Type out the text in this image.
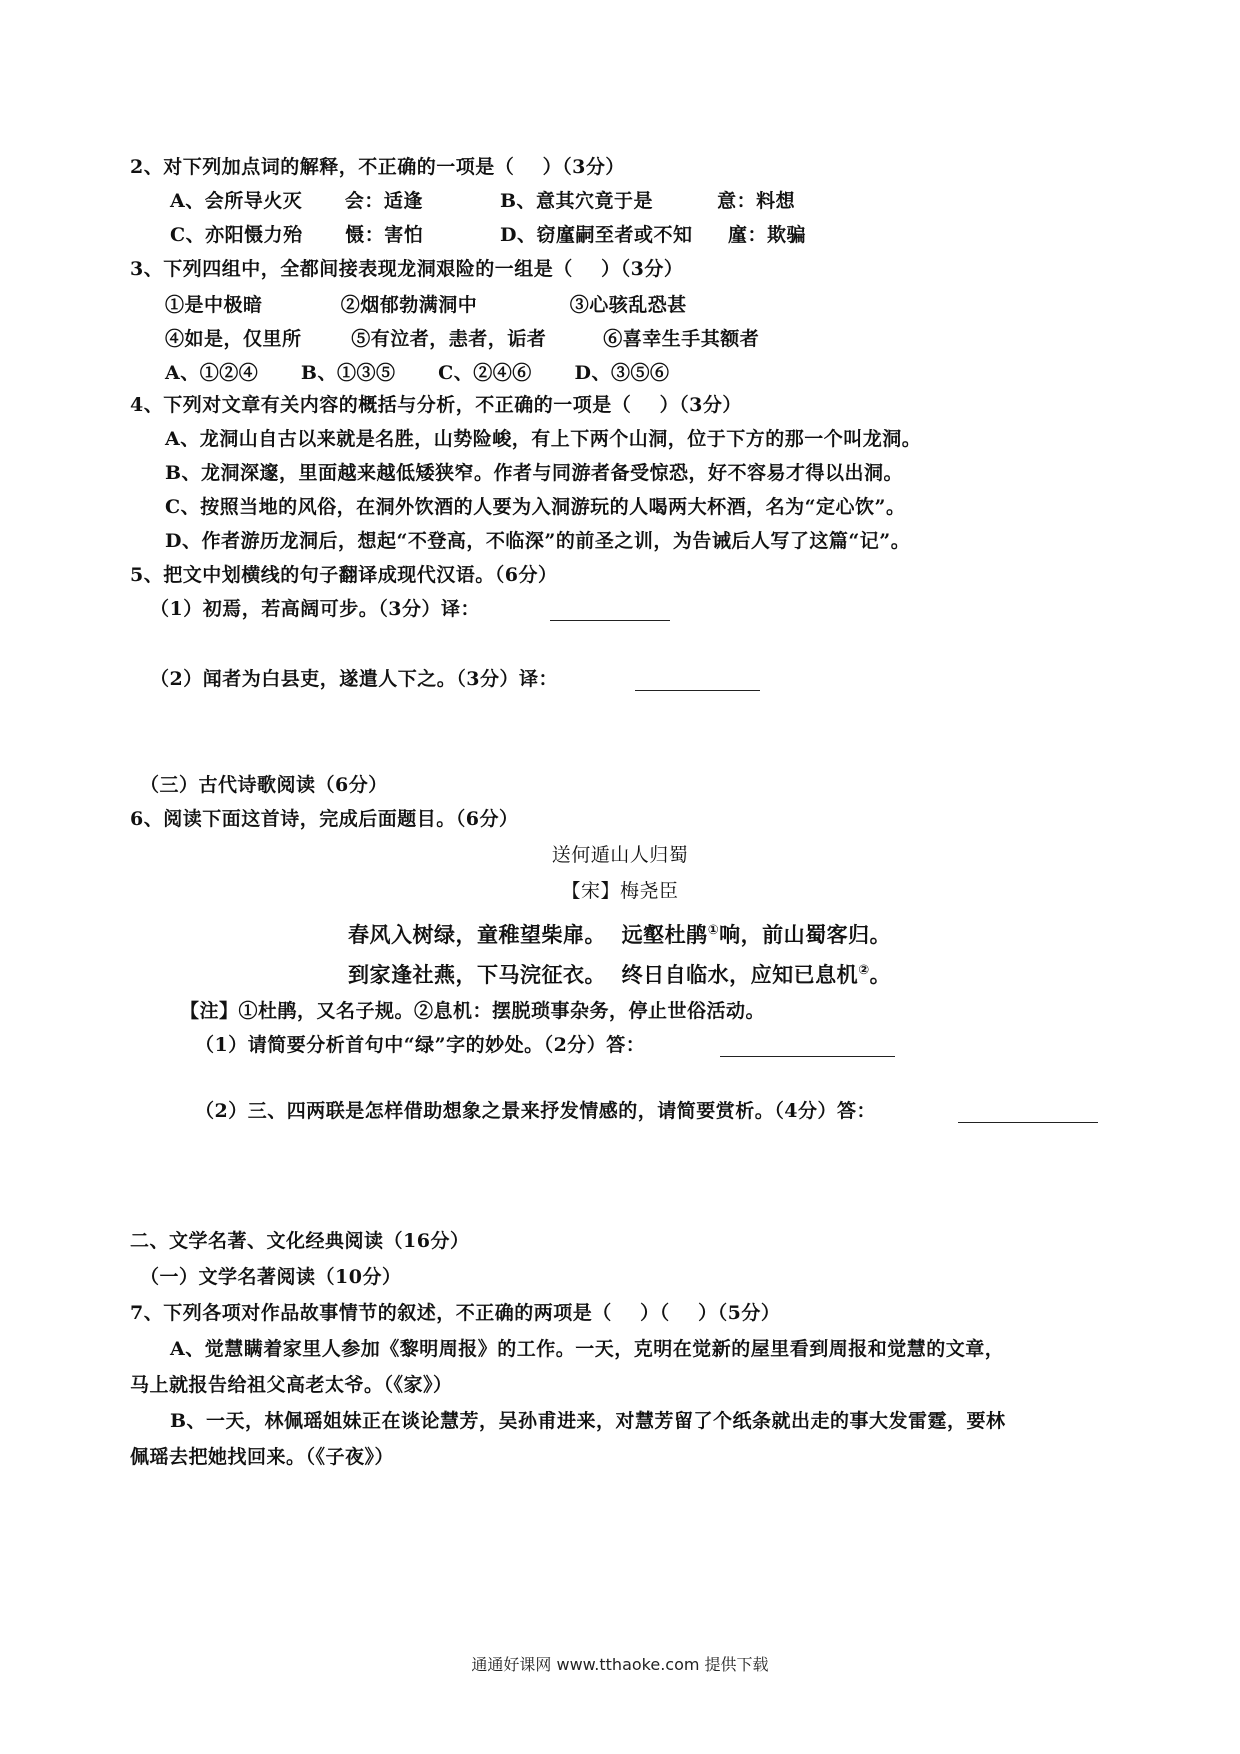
2、对下列加点词的解释，不正确的一项是（    ）（3分）
A、会所导火灭      会：适逢	B、意其穴竟于是         意：料想
C、亦阳慑力殆      慑：害怕	D、窃廑嗣至者或不知     廑：欺骗
3、下列四组中，全都间接表现龙洞艰险的一组是（    ）（3分）
①是中极暗           ②烟郁勃满洞中             ③心骇乱恐甚
④如是，仅里所       ⑤有泣者，恚者，诟者        ⑥喜幸生手其额者
A、①②④      B、①③⑤      C、②④⑥      D、③⑤⑥
4、下列对文章有关内容的概括与分析，不正确的一项是（    ）（3分）
A、龙洞山自古以来就是名胜，山势险峻，有上下两个山洞，位于下方的那一个叫龙洞。
B、龙洞深邃，里面越来越低矮狭窄。作者与同游者备受惊恐，好不容易才得以出洞。
C、按照当地的风俗，在洞外饮酒的人要为入洞游玩的人喝两大杯酒，名为“定心饮”。
D、作者游历龙洞后，想起“不登高，不临深”的前圣之训，为告诫后人写了这篇“记”。
5、把文中划横线的句子翻译成现代汉语。（6分）
（1）初焉，若高阔可步。（3分）译：
（2）闻者为白县吏，遂遣人下之。（3分）译：
（三）古代诗歌阅读（6分）
6、阅读下面这首诗，完成后面题目。（6分）
送何遁山人归蜀
【宋】梅尧臣
春风入树绿，童稚望柴扉。 远壑杜鹃①响，前山蜀客归。
到家逢社燕，下马浣征衣。 终日自临水，应知已息机②。
【注】①杜鹃，又名子规。②息机：摆脱琐事杂务，停止世俗活动。
（1）请简要分析首句中“绿”字的妙处。（2分）答：
（2）三、四两联是怎样借助想象之景来抒发情感的，请简要赏析。（4分）答：
二、文学名著、文化经典阅读（16分）
（一）文学名著阅读（10分）
7、下列各项对作品故事情节的叙述，不正确的两项是（    ）（    ）（5分）
A、觉慧瞒着家里人参加《黎明周报》的工作。一天，克明在觉新的屋里看到周报和觉慧的文章，
马上就报告给祖父高老太爷。（《家》）
B、一天，林佩瑶姐妹正在谈论慧芳，吴孙甫进来，对慧芳留了个纸条就出走的事大发雷霆，要林
佩瑶去把她找回来。（《子夜》）
通通好课网 www.tthaoke.com 提供下载
